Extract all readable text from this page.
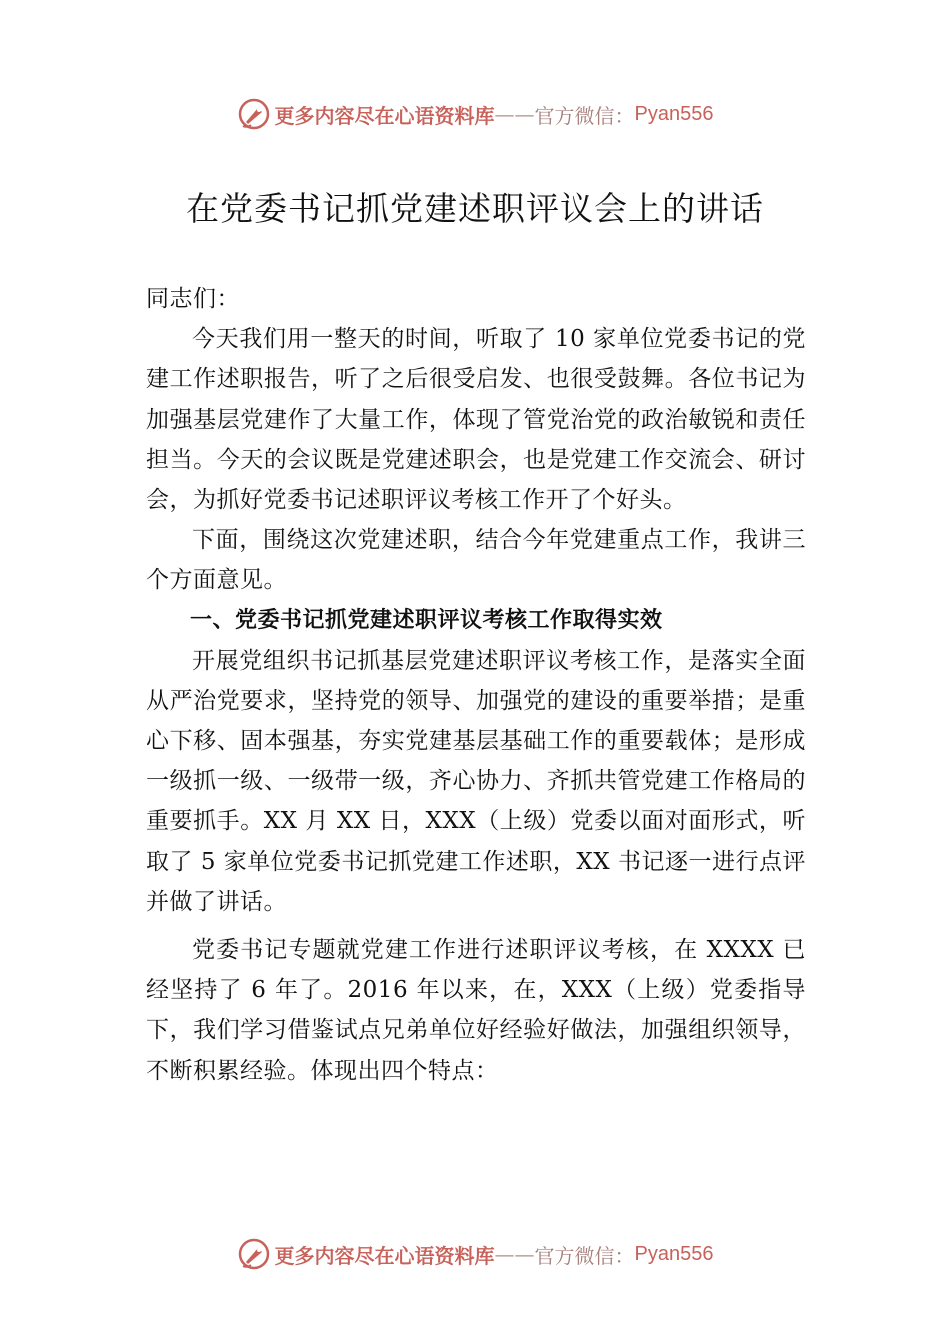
更多内容尽在心语资料库 —— 官方微信： Pyan556
在党委书记抓党建述职评议会上的讲话

同志们：

今天我们用一整天的时间，听取了 10 家单位党委书记的党建工作述职报告，听了之后很受启发、也很受鼓舞。各位书记为加强基层党建作了大量工作，体现了管党治党的政治敏锐和责任担当。今天的会议既是党建述职会，也是党建工作交流会、研讨会，为抓好党委书记述职评议考核工作开了个好头。

下面，围绕这次党建述职，结合今年党建重点工作，我讲三个方面意见。

一、党委书记抓党建述职评议考核工作取得实效

开展党组织书记抓基层党建述职评议考核工作，是落实全面从严治党要求，坚持党的领导、加强党的建设的重要举措；是重心下移、固本强基，夯实党建基层基础工作的重要载体；是形成一级抓一级、一级带一级，齐心协力、齐抓共管党建工作格局的重要抓手。XX 月 XX 日，XXX（上级）党委以面对面形式，听取了 5 家单位党委书记抓党建工作述职，XX 书记逐一进行点评并做了讲话。

党委书记专题就党建工作进行述职评议考核，在 XXXX 已经坚持了 6 年了。2016 年以来，在，XXX（上级）党委指导下，我们学习借鉴试点兄弟单位好经验好做法，加强组织领导，不断积累经验。体现出四个特点：

更多内容尽在心语资料库 —— 官方微信： Pyan556
